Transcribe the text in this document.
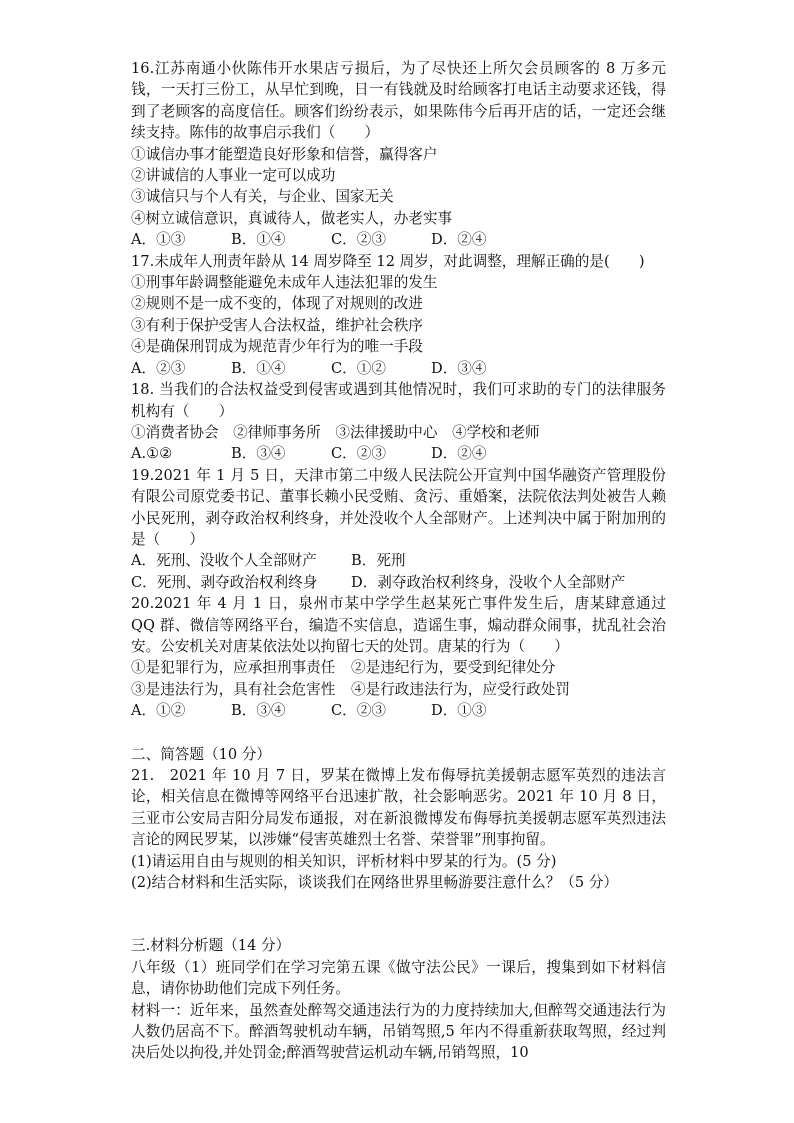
16.江苏南通小伙陈伟开水果店亏损后，为了尽快还上所欠会员顾客的 8 万多元钱，一天打三份工，从早忙到晚，日一有钱就及时给顾客打电话主动要求还钱，得到了老顾客的高度信任。顾客们纷纷表示，如果陈伟今后再开店的话，一定还会继续支持。陈伟的故事启示我们（　　）

①诚信办事才能塑造良好形象和信誉，赢得客户
②讲诚信的人事业一定可以成功
③诚信只与个人有关，与企业、国家无关
④树立诚信意识，真诚待人，做老实人，办老实事
A．①③	B．①④	C．②③	D．②④

17.未成年人刑责年龄从 14 周岁降至 12 周岁，对此调整，理解正确的是(　　)

①刑事年龄调整能避免未成年人违法犯罪的发生
②规则不是一成不变的，体现了对规则的改进
③有利于保护受害人合法权益，维护社会秩序
④是确保刑罚成为规范青少年行为的唯一手段
A．②③	B．①④	C．①②	D．③④

18. 当我们的合法权益受到侵害或遇到其他情况时，我们可求助的专门的法律服务机构有（　　）

①消费者协会　②律师事务所　③法律援助中心　④学校和老师
A.①②	B．③④	C．②③	D．②④

19.2021 年 1 月 5 日，天津市第二中级人民法院公开宣判中国华融资产管理股份有限公司原党委书记、董事长赖小民受贿、贪污、重婚案，法院依法判处被告人赖小民死刑，剥夺政治权利终身，并处没收个人全部财产。上述判决中属于附加刑的是（　　）

A．死刑、没收个人全部财产	B．死刑
C．死刑、剥夺政治权利终身	D．剥夺政治权利终身，没收个人全部财产

20.2021 年 4 月 1 日，泉州市某中学学生赵某死亡事件发生后，唐某肆意通过 QQ 群、微信等网络平台，编造不实信息，造谣生事，煽动群众闹事，扰乱社会治安。公安机关对唐某依法处以拘留七天的处罚。唐某的行为（　　）

①是犯罪行为，应承担刑事责任	②是违纪行为，要受到纪律处分
③是违法行为，具有社会危害性	④是行政违法行为，应受行政处罚
A．①②	B．③④	C．②③	D．①③
二、简答题（10 分）

21.　2021 年 10 月 7 日，罗某在微博上发布侮辱抗美援朝志愿军英烈的违法言论，相关信息在微博等网络平台迅速扩散，社会影响恶劣。2021 年 10 月 8 日，三亚市公安局吉阳分局发布通报，对在新浪微博发布侮辱抗美援朝志愿军英烈违法言论的网民罗某，以涉嫌“侵害英雄烈士名誉、荣誉罪”刑事拘留。

(1)请运用自由与规则的相关知识，评析材料中罗某的行为。(5 分)
(2)结合材料和生活实际，谈谈我们在网络世界里畅游要注意什么？（5 分）
三.材料分析题（14 分）

八年级（1）班同学们在学习完第五课《做守法公民》一课后，搜集到如下材料信息，请你协助他们完成下列任务。

材料一：近年来，虽然查处醉驾交通违法行为的力度持续加大,但醉驾交通违法行为人数仍居高不下。醉酒驾驶机动车辆，吊销驾照,5 年内不得重新获取驾照，经过判决后处以拘役,并处罚金;醉酒驾驶营运机动车辆,吊销驾照，10
